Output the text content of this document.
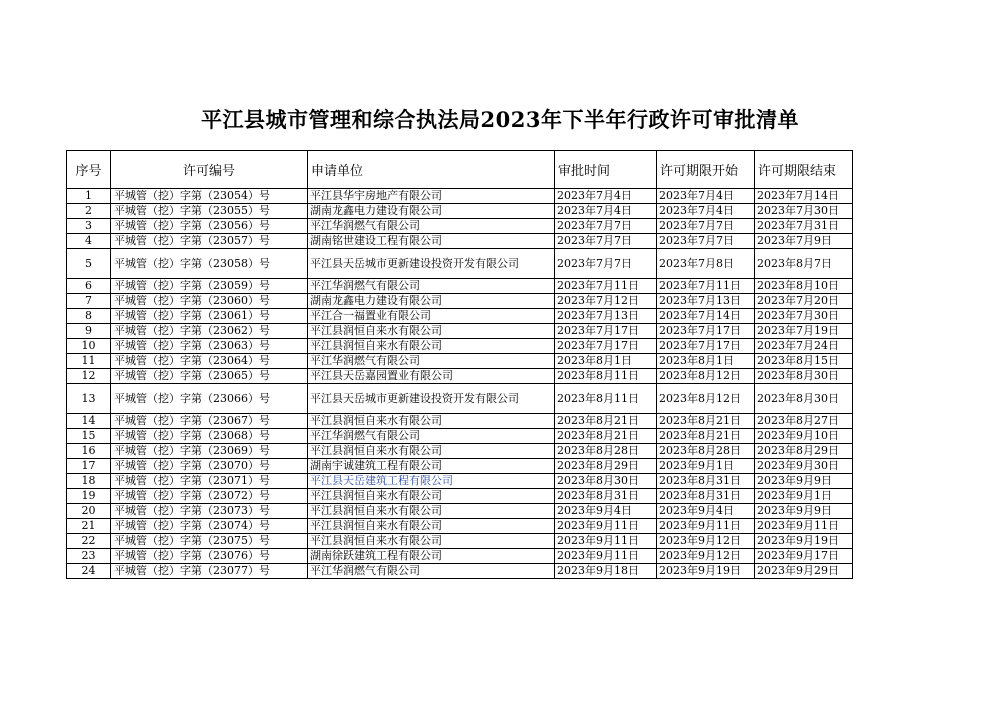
平江县城市管理和综合执法局2023年下半年行政许可审批清单
序号	许可编号	申请单位	审批时间	许可期限开始	许可期限结束
1	平城管（挖）字第（23054）号	平江县华宇房地产有限公司	2023年7月4日	2023年7月4日	2023年7月14日
2	平城管（挖）字第（23055）号	湖南龙鑫电力建设有限公司	2023年7月4日	2023年7月4日	2023年7月30日
3	平城管（挖）字第（23056）号	平江华润燃气有限公司	2023年7月7日	2023年7月7日	2023年7月31日
4	平城管（挖）字第（23057）号	湖南铭世建设工程有限公司	2023年7月7日	2023年7月7日	2023年7月9日
5	平城管（挖）字第（23058）号	平江县天岳城市更新建设投资开发有限公司	2023年7月7日	2023年7月8日	2023年8月7日
6	平城管（挖）字第（23059）号	平江华润燃气有限公司	2023年7月11日	2023年7月11日	2023年8月10日
7	平城管（挖）字第（23060）号	湖南龙鑫电力建设有限公司	2023年7月12日	2023年7月13日	2023年7月20日
8	平城管（挖）字第（23061）号	平江合一福置业有限公司	2023年7月13日	2023年7月14日	2023年7月30日
9	平城管（挖）字第（23062）号	平江县润恒自来水有限公司	2023年7月17日	2023年7月17日	2023年7月19日
10	平城管（挖）字第（23063）号	平江县润恒自来水有限公司	2023年7月17日	2023年7月17日	2023年7月24日
11	平城管（挖）字第（23064）号	平江华润燃气有限公司	2023年8月1日	2023年8月1日	2023年8月15日
12	平城管（挖）字第（23065）号	平江县天岳嘉园置业有限公司	2023年8月11日	2023年8月12日	2023年8月30日
13	平城管（挖）字第（23066）号	平江县天岳城市更新建设投资开发有限公司	2023年8月11日	2023年8月12日	2023年8月30日
14	平城管（挖）字第（23067）号	平江县润恒自来水有限公司	2023年8月21日	2023年8月21日	2023年8月27日
15	平城管（挖）字第（23068）号	平江华润燃气有限公司	2023年8月21日	2023年8月21日	2023年9月10日
16	平城管（挖）字第（23069）号	平江县润恒自来水有限公司	2023年8月28日	2023年8月28日	2023年8月29日
17	平城管（挖）字第（23070）号	湖南宇诚建筑工程有限公司	2023年8月29日	2023年9月1日	2023年9月30日
18	平城管（挖）字第（23071）号	平江县天岳建筑工程有限公司	2023年8月30日	2023年8月31日	2023年9月9日
19	平城管（挖）字第（23072）号	平江县润恒自来水有限公司	2023年8月31日	2023年8月31日	2023年9月1日
20	平城管（挖）字第（23073）号	平江县润恒自来水有限公司	2023年9月4日	2023年9月4日	2023年9月9日
21	平城管（挖）字第（23074）号	平江县润恒自来水有限公司	2023年9月11日	2023年9月11日	2023年9月11日
22	平城管（挖）字第（23075）号	平江县润恒自来水有限公司	2023年9月11日	2023年9月12日	2023年9月19日
23	平城管（挖）字第（23076）号	湖南徐跃建筑工程有限公司	2023年9月11日	2023年9月12日	2023年9月17日
24	平城管（挖）字第（23077）号	平江华润燃气有限公司	2023年9月18日	2023年9月19日	2023年9月29日
